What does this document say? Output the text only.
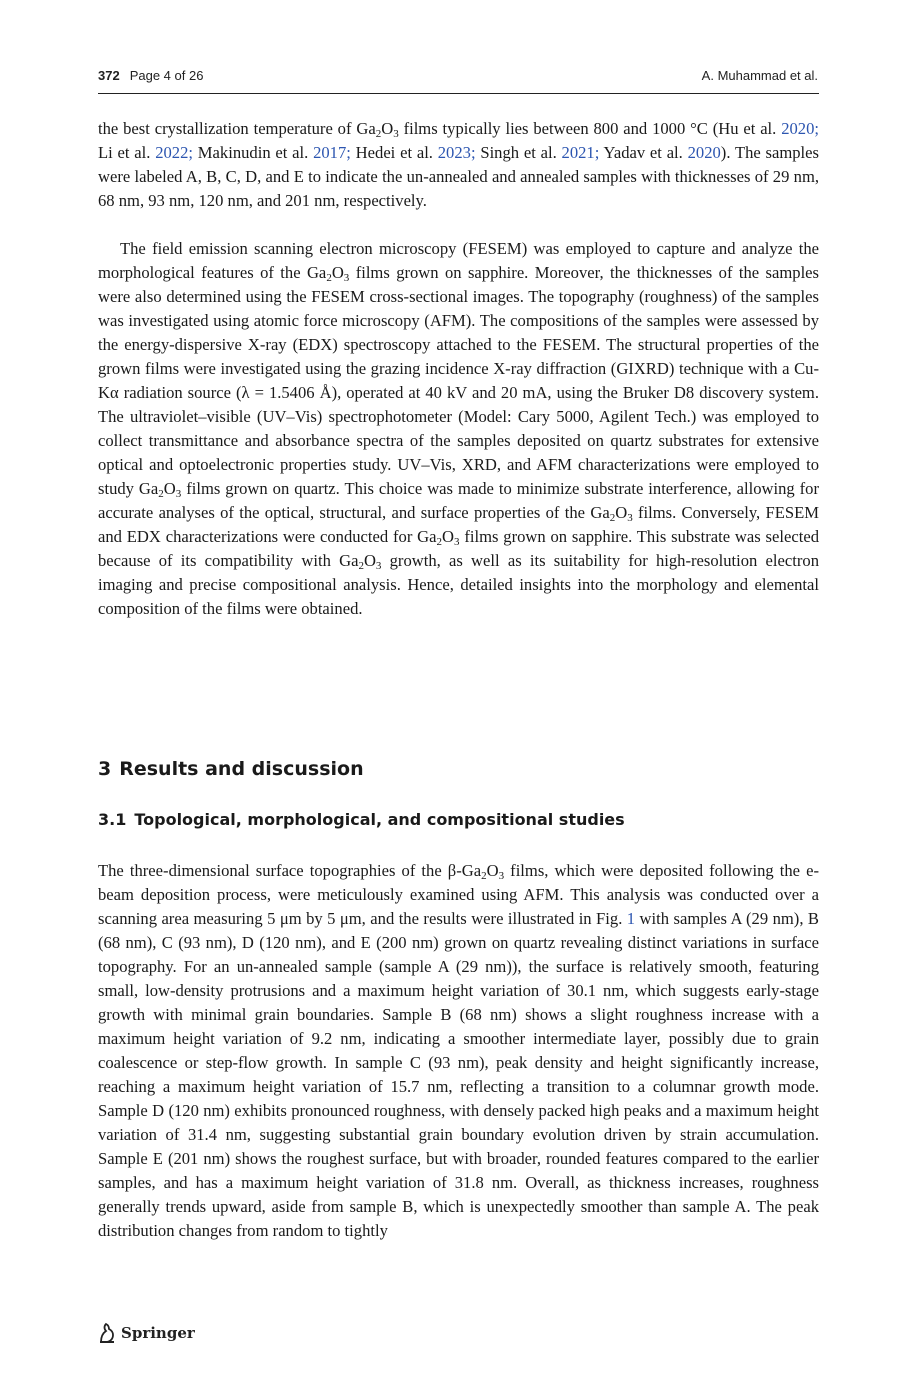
372 Page 4 of 26	A. Muhammad et al.

the best crystallization temperature of $Ga_2O_3$ films typically lies between 800 and 1000 °C (Hu et al. 2020; Li et al. 2022; Makinudin et al. 2017; Hedei et al. 2023; Singh et al. 2021; Yadav et al. 2020). The samples were labeled A, B, C, D, and E to indicate the un-annealed and annealed samples with thicknesses of 29 nm, 68 nm, 93 nm, 120 nm, and 201 nm, respectively.

The field emission scanning electron microscopy (FESEM) was employed to capture and analyze the morphological features of the $Ga_2O_3$ films grown on sapphire. Moreover, the thicknesses of the samples were also determined using the FESEM cross-sectional images. The topography (roughness) of the samples was investigated using atomic force microscopy (AFM). The compositions of the samples were assessed by the energy-dispersive X-ray (EDX) spectroscopy attached to the FESEM. The structural properties of the grown films were investigated using the grazing incidence X-ray diffraction (GIXRD) technique with a Cu-Kα radiation source (λ = 1.5406 Å), operated at 40 kV and 20 mA, using the Bruker D8 discovery system. The ultraviolet–visible (UV–Vis) spectrophotometer (Model: Cary 5000, Agilent Tech.) was employed to collect transmittance and absorbance spectra of the samples deposited on quartz substrates for extensive optical and optoelectronic properties study. UV–Vis, XRD, and AFM characterizations were employed to study $Ga_2O_3$ films grown on quartz. This choice was made to minimize substrate interference, allowing for accurate analyses of the optical, structural, and surface properties of the $Ga_2O_3$ films. Conversely, FESEM and EDX characterizations were conducted for $Ga_2O_3$ films grown on sapphire. This substrate was selected because of its compatibility with $Ga_2O_3$ growth, as well as its suitability for high-resolution electron imaging and precise compositional analysis. Hence, detailed insights into the morphology and elemental composition of the films were obtained.

3 Results and discussion
3.1 Topological, morphological, and compositional studies

The three-dimensional surface topographies of the $\beta-Ga_2O_3$ films, which were deposited following the e-beam deposition process, were meticulously examined using AFM. This analysis was conducted over a scanning area measuring 5 μm by 5 μm, and the results were illustrated in Fig. 1 with samples A (29 nm), B (68 nm), C (93 nm), D (120 nm), and E (200 nm) grown on quartz revealing distinct variations in surface topography. For an un-annealed sample (sample A (29 nm)), the surface is relatively smooth, featuring small, low-density protrusions and a maximum height variation of 30.1 nm, which suggests early-stage growth with minimal grain boundaries. Sample B (68 nm) shows a slight roughness increase with a maximum height variation of 9.2 nm, indicating a smoother intermediate layer, possibly due to grain coalescence or step-flow growth. In sample C (93 nm), peak density and height significantly increase, reaching a maximum height variation of 15.7 nm, reflecting a transition to a columnar growth mode. Sample D (120 nm) exhibits pronounced roughness, with densely packed high peaks and a maximum height variation of 31.4 nm, suggesting substantial grain boundary evolution driven by strain accumulation. Sample E (201 nm) shows the roughest surface, but with broader, rounded features compared to the earlier samples, and has a maximum height variation of 31.8 nm. Overall, as thickness increases, roughness generally trends upward, aside from sample B, which is unexpectedly smoother than sample A. The peak distribution changes from random to tightly

Springer
